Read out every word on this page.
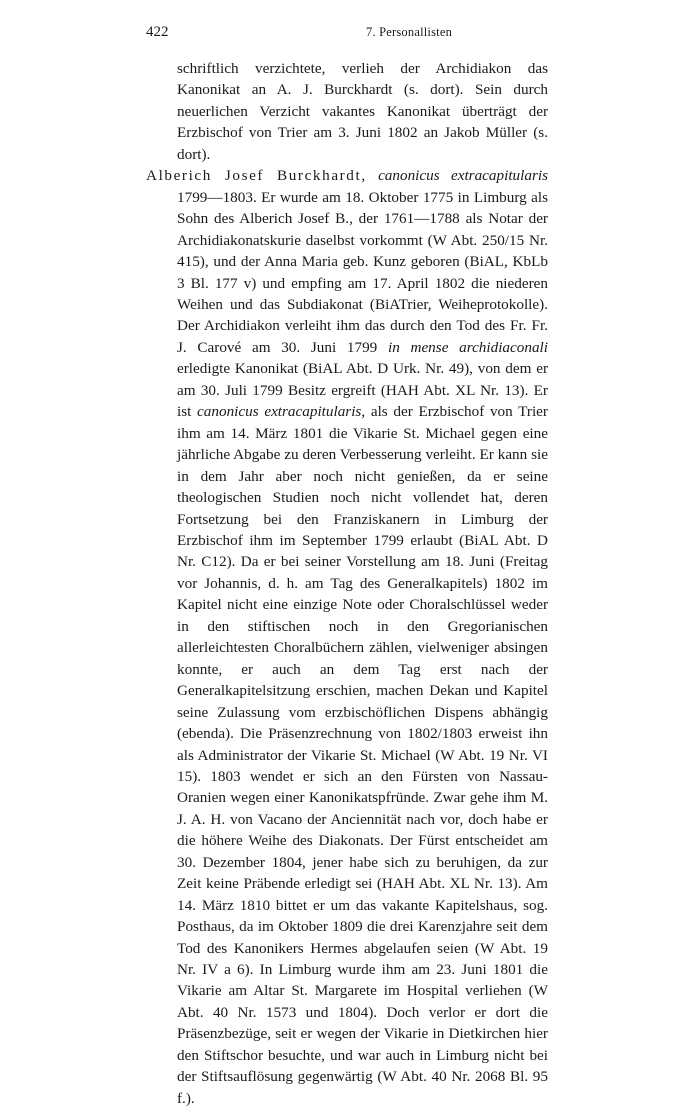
422	7. Personallisten

schriftlich verzichtete, verlieh der Archidiakon das Kanonikat an A. J. Burckhardt (s. dort). Sein durch neuerlichen Verzicht vakantes Kanonikat überträgt der Erzbischof von Trier am 3. Juni 1802 an Jakob Müller (s. dort).

Alberich Josef Burckhardt, canonicus extracapitularis 1799—1803. Er wurde am 18. Oktober 1775 in Limburg als Sohn des Alberich Josef B., der 1761—1788 als Notar der Archidiakonatskurie daselbst vorkommt (W Abt. 250/15 Nr. 415), und der Anna Maria geb. Kunz geboren (BiAL, KbLb 3 Bl. 177 v) und empfing am 17. April 1802 die niederen Weihen und das Subdiakonat (BiATrier, Weiheprotokolle). Der Archidiakon verleiht ihm das durch den Tod des Fr. Fr. J. Carové am 30. Juni 1799 in mense archidiaconali erledigte Kanonikat (BiAL Abt. D Urk. Nr. 49), von dem er am 30. Juli 1799 Besitz ergreift (HAH Abt. XL Nr. 13). Er ist canonicus extracapitularis, als der Erzbischof von Trier ihm am 14. März 1801 die Vikarie St. Michael gegen eine jährliche Abgabe zu deren Verbesserung verleiht. Er kann sie in dem Jahr aber noch nicht genießen, da er seine theologischen Studien noch nicht vollendet hat, deren Fortsetzung bei den Franziskanern in Limburg der Erzbischof ihm im September 1799 erlaubt (BiAL Abt. D Nr. C12). Da er bei seiner Vorstellung am 18. Juni (Freitag vor Johannis, d. h. am Tag des Generalkapitels) 1802 im Kapitel nicht eine einzige Note oder Choralschlüssel weder in den stiftischen noch in den Gregorianischen allerleichtesten Choralbüchern zählen, vielweniger absingen konnte, er auch an dem Tag erst nach der Generalkapitelsitzung erschien, machen Dekan und Kapitel seine Zulassung vom erzbischöflichen Dispens abhängig (ebenda). Die Präsenzrechnung von 1802/1803 erweist ihn als Administrator der Vikarie St. Michael (W Abt. 19 Nr. VI 15). 1803 wendet er sich an den Fürsten von Nassau-Oranien wegen einer Kanonikatspfründe. Zwar gehe ihm M. J. A. H. von Vacano der Anciennität nach vor, doch habe er die höhere Weihe des Diakonats. Der Fürst entscheidet am 30. Dezember 1804, jener habe sich zu beruhigen, da zur Zeit keine Präbende erledigt sei (HAH Abt. XL Nr. 13). Am 14. März 1810 bittet er um das vakante Kapitelshaus, sog. Posthaus, da im Oktober 1809 die drei Karenzjahre seit dem Tod des Kanonikers Hermes abgelaufen seien (W Abt. 19 Nr. IV a 6). In Limburg wurde ihm am 23. Juni 1801 die Vikarie am Altar St. Margarete im Hospital verliehen (W Abt. 40 Nr. 1573 und 1804). Doch verlor er dort die Präsenzbezüge, seit er wegen der Vikarie in Dietkirchen hier den Stiftschor besuchte, und war auch in Limburg nicht bei der Stiftsauflösung gegenwärtig (W Abt. 40 Nr. 2068 Bl. 95 f.).
